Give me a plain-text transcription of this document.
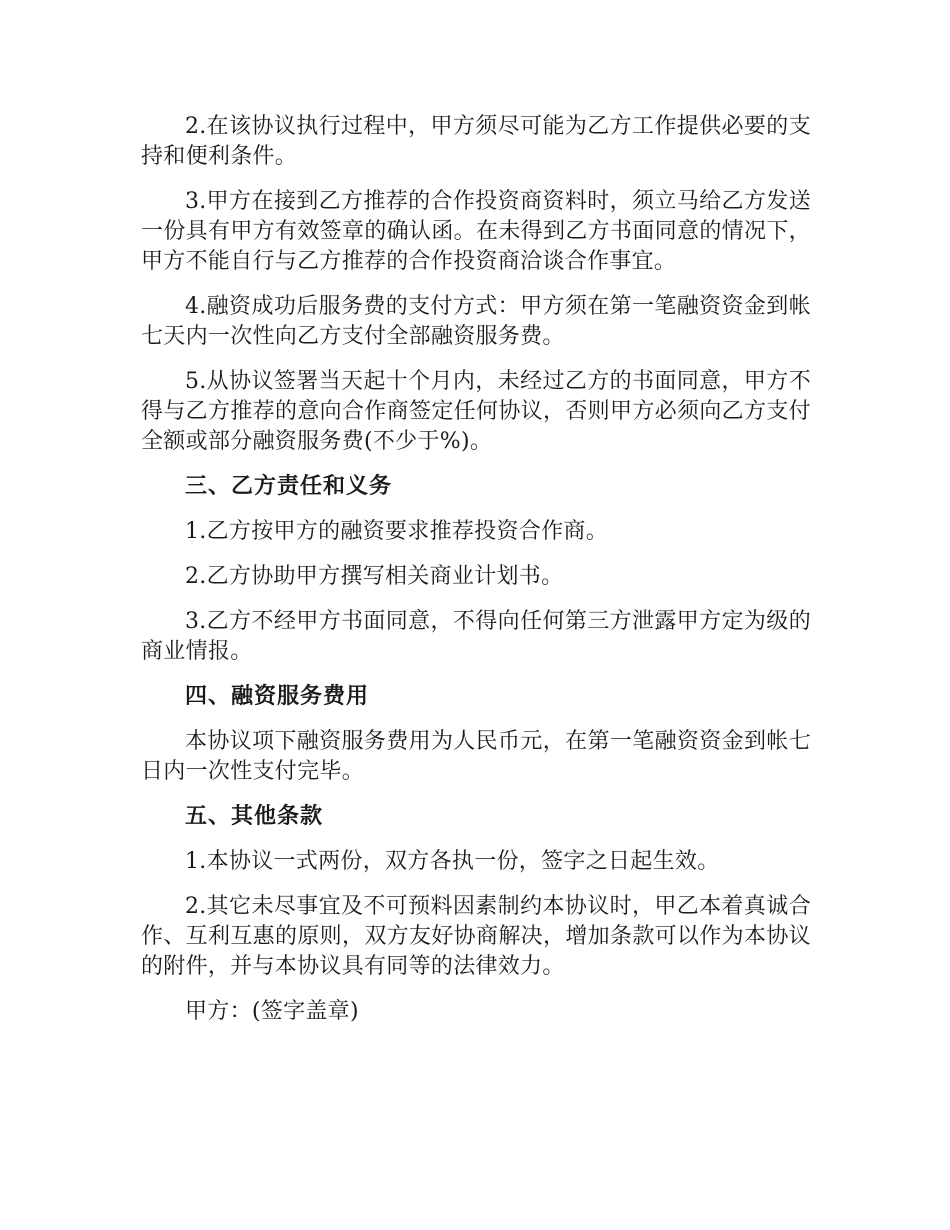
2.在该协议执行过程中，甲方须尽可能为乙方工作提供必要的支持和便利条件。

3.甲方在接到乙方推荐的合作投资商资料时，须立马给乙方发送一份具有甲方有效签章的确认函。在未得到乙方书面同意的情况下，甲方不能自行与乙方推荐的合作投资商洽谈合作事宜。

4.融资成功后服务费的支付方式：甲方须在第一笔融资资金到帐七天内一次性向乙方支付全部融资服务费。

5.从协议签署当天起十个月内，未经过乙方的书面同意，甲方不得与乙方推荐的意向合作商签定任何协议，否则甲方必须向乙方支付全额或部分融资服务费(不少于%)。

三、乙方责任和义务

1.乙方按甲方的融资要求推荐投资合作商。

2.乙方协助甲方撰写相关商业计划书。

3.乙方不经甲方书面同意，不得向任何第三方泄露甲方定为级的商业情报。

四、融资服务费用

本协议项下融资服务费用为人民币元，在第一笔融资资金到帐七日内一次性支付完毕。

五、其他条款

1.本协议一式两份，双方各执一份，签字之日起生效。

2.其它未尽事宜及不可预料因素制约本协议时，甲乙本着真诚合作、互利互惠的原则，双方友好协商解决，增加条款可以作为本协议的附件，并与本协议具有同等的法律效力。

甲方：(签字盖章)
